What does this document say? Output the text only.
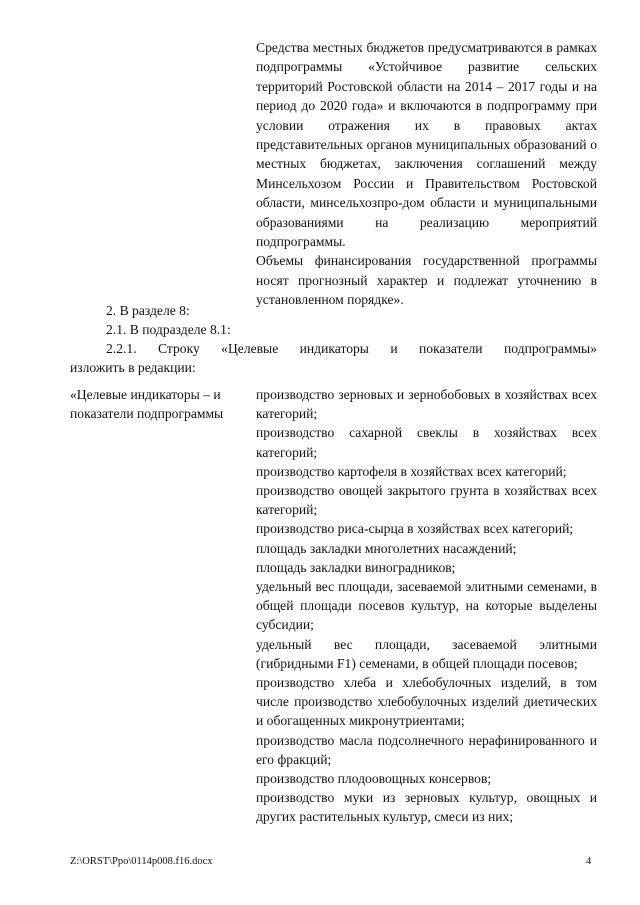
Средства местных бюджетов предусматриваются в рамках подпрограммы «Устойчивое развитие сельских территорий Ростовской области на 2014 – 2017 годы и на период до 2020 года» и включаются в подпрограмму при условии отражения их в правовых актах представительных органов муниципальных образований о местных бюджетах, заключения соглашений между Минсельхозом России и Правительством Ростовской области, минсельхозпро-дом области и муниципальными образованиями на реализацию мероприятий подпрограммы.

Объемы финансирования государственной программы носят прогнозный характер и подлежат уточнению в установленном порядке».

2. В разделе 8:

2.1. В подразделе 8.1:

2.2.1. Строку «Целевые индикаторы и показатели подпрограммы»

изложить в редакции:

«Целевые индикаторы – и показатели подпрограммы

производство зерновых и зернобобовых в хозяйствах всех категорий;

производство сахарной свеклы в хозяйствах всех категорий;

производство картофеля в хозяйствах всех категорий;

производство овощей закрытого грунта в хозяйствах всех категорий;

производство риса-сырца в хозяйствах всех категорий;

площадь закладки многолетних насаждений;

площадь закладки виноградников;

удельный вес площади, засеваемой элитными семенами, в общей площади посевов культур, на которые выделены субсидии;

удельный вес площади, засеваемой элитными (гибридными F1) семенами, в общей площади посевов;

производство хлеба и хлебобулочных изделий, в том числе производство хлебобулочных изделий диетических и обогащенных микронутриентами;

производство масла подсолнечного нерафинированного и его фракций;

производство плодоовощных консервов;

производство муки из зерновых культур, овощных и других растительных культур, смеси из них;

Z:\ORST\Ppo\0114p008.f16.docx	4
